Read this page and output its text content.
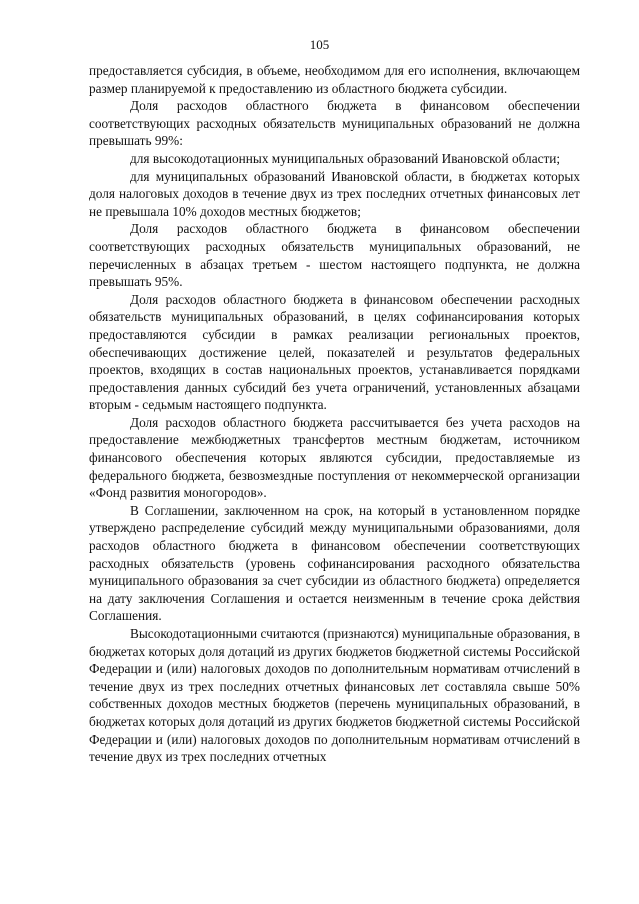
105

предоставляется субсидия, в объеме, необходимом для его исполнения, включающем размер планируемой к предоставлению из областного бюджета субсидии.

Доля расходов областного бюджета в финансовом обеспечении соответствующих расходных обязательств муниципальных образований не должна превышать 99%:

для высокодотационных муниципальных образований Ивановской области;

для муниципальных образований Ивановской области, в бюджетах которых доля налоговых доходов в течение двух из трех последних отчетных финансовых лет не превышала 10% доходов местных бюджетов;

Доля расходов областного бюджета в финансовом обеспечении соответствующих расходных обязательств муниципальных образований, не перечисленных в абзацах третьем - шестом настоящего подпункта, не должна превышать 95%.

Доля расходов областного бюджета в финансовом обеспечении расходных обязательств муниципальных образований, в целях софинансирования которых предоставляются субсидии в рамках реализации региональных проектов, обеспечивающих достижение целей, показателей и результатов федеральных проектов, входящих в состав национальных проектов, устанавливается порядками предоставления данных субсидий без учета ограничений, установленных абзацами вторым - седьмым настоящего подпункта.

Доля расходов областного бюджета рассчитывается без учета расходов на предоставление межбюджетных трансфертов местным бюджетам, источником финансового обеспечения которых являются субсидии, предоставляемые из федерального бюджета, безвозмездные поступления от некоммерческой организации «Фонд развития моногородов».

В Соглашении, заключенном на срок, на который в установленном порядке утверждено распределение субсидий между муниципальными образованиями, доля расходов областного бюджета в финансовом обеспечении соответствующих расходных обязательств (уровень софинансирования расходного обязательства муниципального образования за счет субсидии из областного бюджета) определяется на дату заключения Соглашения и остается неизменным в течение срока действия Соглашения.

Высокодотационными считаются (признаются) муниципальные образования, в бюджетах которых доля дотаций из других бюджетов бюджетной системы Российской Федерации и (или) налоговых доходов по дополнительным нормативам отчислений в течение двух из трех последних отчетных финансовых лет составляла свыше 50% собственных доходов местных бюджетов (перечень муниципальных образований, в бюджетах которых доля дотаций из других бюджетов бюджетной системы Российской Федерации и (или) налоговых доходов по дополнительным нормативам отчислений в течение двух из трех последних отчетных
